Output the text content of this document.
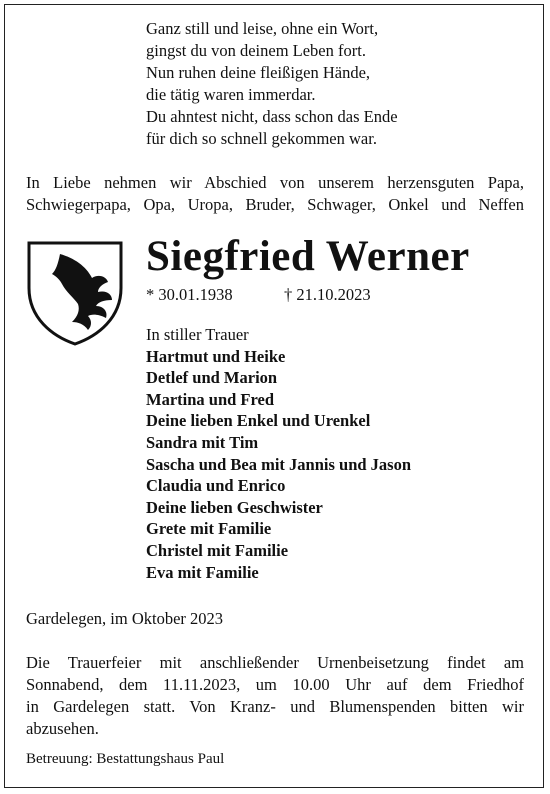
Ganz still und leise, ohne ein Wort,
gingst du von deinem Leben fort.
Nun ruhen deine fleißigen Hände,
die tätig waren immerdar.
Du ahntest nicht, dass schon das Ende
für dich so schnell gekommen war.
In Liebe nehmen wir Abschied von unserem herzensguten Papa,
Schwiegerpapa, Opa, Uropa, Bruder, Schwager, Onkel und Neffen
Siegfried Werner
* 30.01.1938	† 21.10.2023
In stiller Trauer
Hartmut und Heike
Detlef und Marion
Martina und Fred
Deine lieben Enkel und Urenkel
Sandra mit Tim
Sascha und Bea mit Jannis und Jason
Claudia und Enrico
Deine lieben Geschwister
Grete mit Familie
Christel mit Familie
Eva mit Familie
Gardelegen, im Oktober 2023
Die Trauerfeier mit anschließender Urnenbeisetzung findet am
Sonnabend, dem 11.11.2023, um 10.00 Uhr auf dem Friedhof
in Gardelegen statt. Von Kranz- und Blumenspenden bitten wir
abzusehen.
Betreuung: Bestattungshaus Paul
